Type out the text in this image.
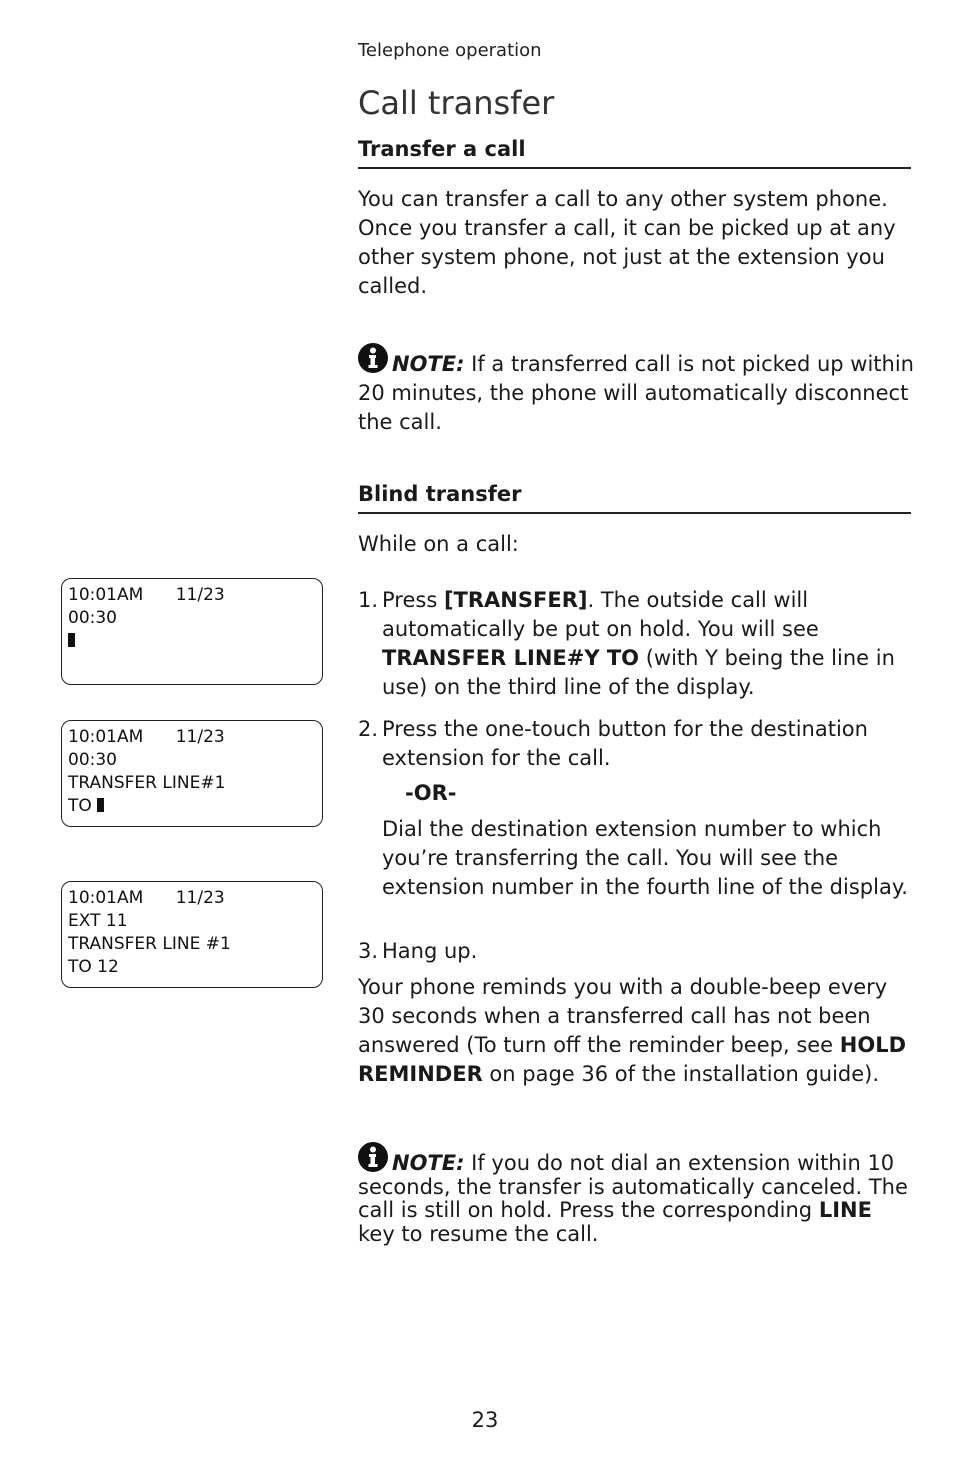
Telephone operation
Call transfer
Transfer a call

You can transfer a call to any other system phone. Once you transfer a call, it can be picked up at any other system phone, not just at the extension you called.

NOTE: If a transferred call is not picked up within 20 minutes, the phone will automatically disconnect the call.

Blind transfer

While on a call:

1. Press [TRANSFER]. The outside call will automatically be put on hold. You will see TRANSFER LINE#Y TO (with Y being the line in use) on the third line of the display.
2. Press the one-touch button for the destination extension for the call.
-OR-
Dial the destination extension number to which you’re transferring the call. You will see the extension number in the fourth line of the display.
3. Hang up.

Your phone reminds you with a double-beep every 30 seconds when a transferred call has not been answered (To turn off the reminder beep, see HOLD REMINDER on page 36 of the installation guide).

NOTE: If you do not dial an extension within 10 seconds, the transfer is automatically canceled. The call is still on hold. Press the corresponding LINE key to resume the call.

10:01AM      11/23
00:30
10:01AM      11/23
00:30
TRANSFER LINE#1
TO
10:01AM      11/23
EXT 11
TRANSFER LINE #1
TO 12
23
